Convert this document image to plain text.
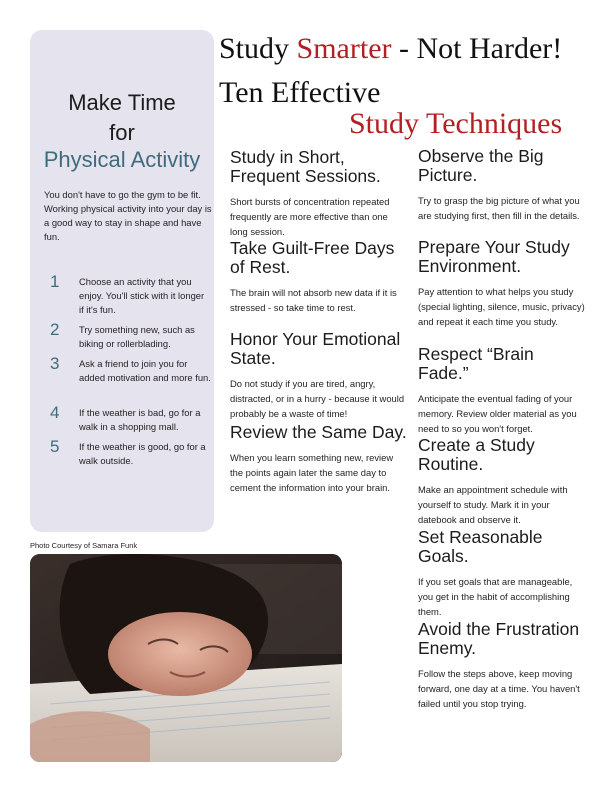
Study Smarter - Not Harder!
Ten Effective
Study Techniques
Make Time
for
Physical Activity
You don't have to go the gym to be fit. Working physical activity into your day is a good way to stay in shape and have fun.
1 Choose an activity that you enjoy. You'll stick with it longer if it's fun.
2 Try something new, such as biking or rollerblading.
3 Ask a friend to join you for added motivation and more fun.
4 If the weather is bad, go for a walk in a shopping mall.
5 If the weather is good, go for a walk outside.
Photo Courtesy of Samara Funk
Study in Short, Frequent Sessions.
Short bursts of concentration repeated frequently are more effective than one long session.
Take Guilt-Free Days of Rest.
The brain will not absorb new data if it is stressed - so take time to rest.
Honor Your Emotional State.
Do not study if you are tired, angry, distracted, or in a hurry - because it would probably be a waste of time!
Review the Same Day.
When you learn something new, review the points again later the same day to cement the information into your brain.
Observe the Big Picture.
Try to grasp the big picture of what you are studying first, then fill in the details.
Prepare Your Study Environment.
Pay attention to what helps you study (special lighting, silence, music, privacy) and repeat it each time you study.
Respect “Brain Fade.”
Anticipate the eventual fading of your memory. Review older material as you need to so you won't forget.
Create a Study Routine.
Make an appointment schedule with yourself to study. Mark it in your datebook and observe it.
Set Reasonable Goals.
If you set goals that are manageable, you get in the habit of accomplishing them.
Avoid the Frustration Enemy.
Follow the steps above, keep moving forward, one day at a time. You haven't failed until you stop trying.
